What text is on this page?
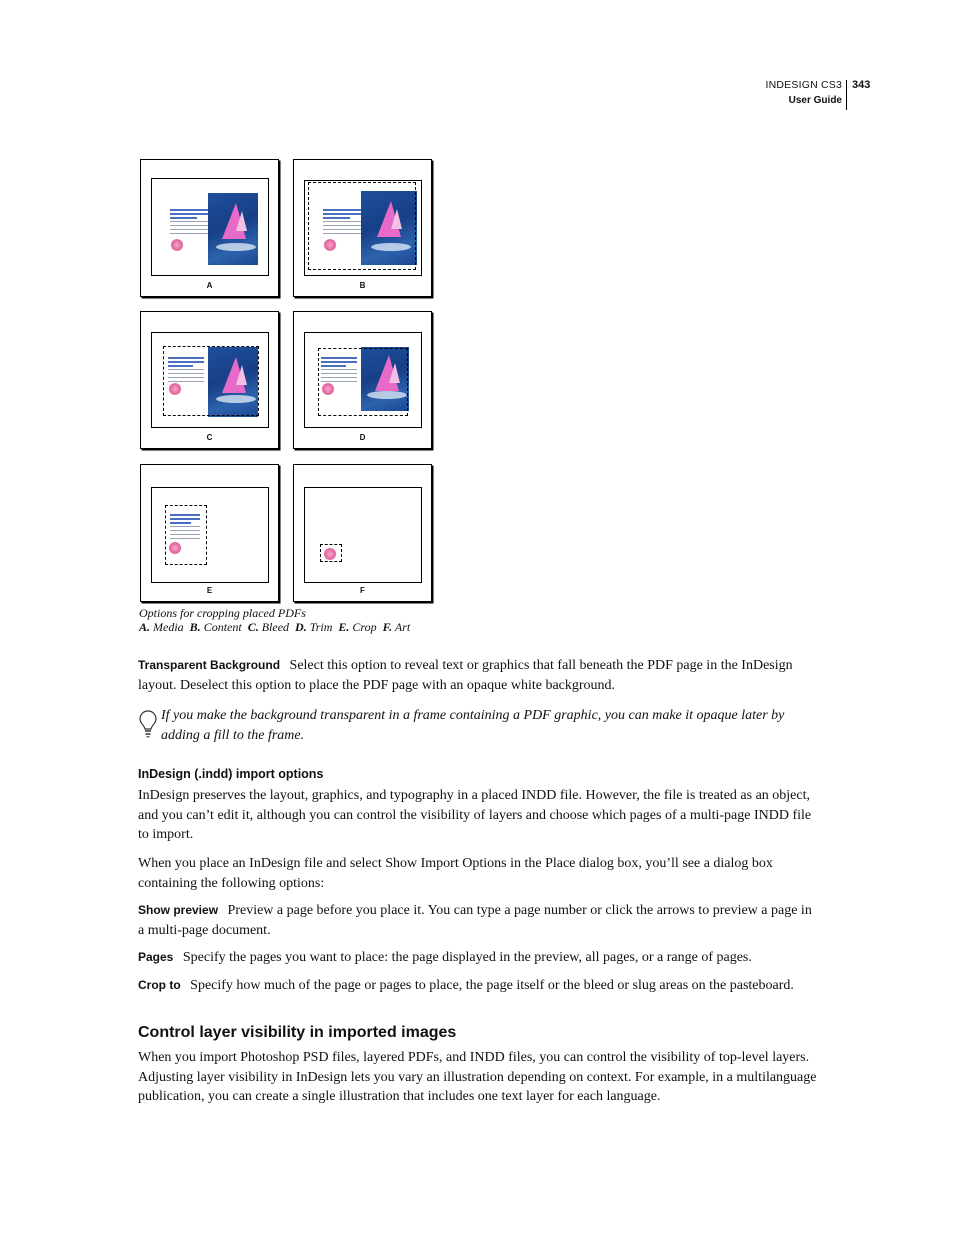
INDESIGN CS3
User Guide
343
A	B
C	D
E	F
Options for cropping placed PDFs
A. Media B. Content C. Bleed D. Trim E. Crop F. Art
Transparent Background Select this option to reveal text or graphics that fall beneath the PDF page in the InDesign layout. Deselect this option to place the PDF page with an opaque white background.
If you make the background transparent in a frame containing a PDF graphic, you can make it opaque later by adding a fill to the frame.
InDesign (.indd) import options
InDesign preserves the layout, graphics, and typography in a placed INDD file. However, the file is treated as an object, and you can’t edit it, although you can control the visibility of layers and choose which pages of a multi-page INDD file to import.
When you place an InDesign file and select Show Import Options in the Place dialog box, you’ll see a dialog box containing the following options:
Show preview Preview a page before you place it. You can type a page number or click the arrows to preview a page in a multi-page document.
Pages Specify the pages you want to place: the page displayed in the preview, all pages, or a range of pages.
Crop to Specify how much of the page or pages to place, the page itself or the bleed or slug areas on the pasteboard.
Control layer visibility in imported images
When you import Photoshop PSD files, layered PDFs, and INDD files, you can control the visibility of top-level layers. Adjusting layer visibility in InDesign lets you vary an illustration depending on context. For example, in a multilanguage publication, you can create a single illustration that includes one text layer for each language.
